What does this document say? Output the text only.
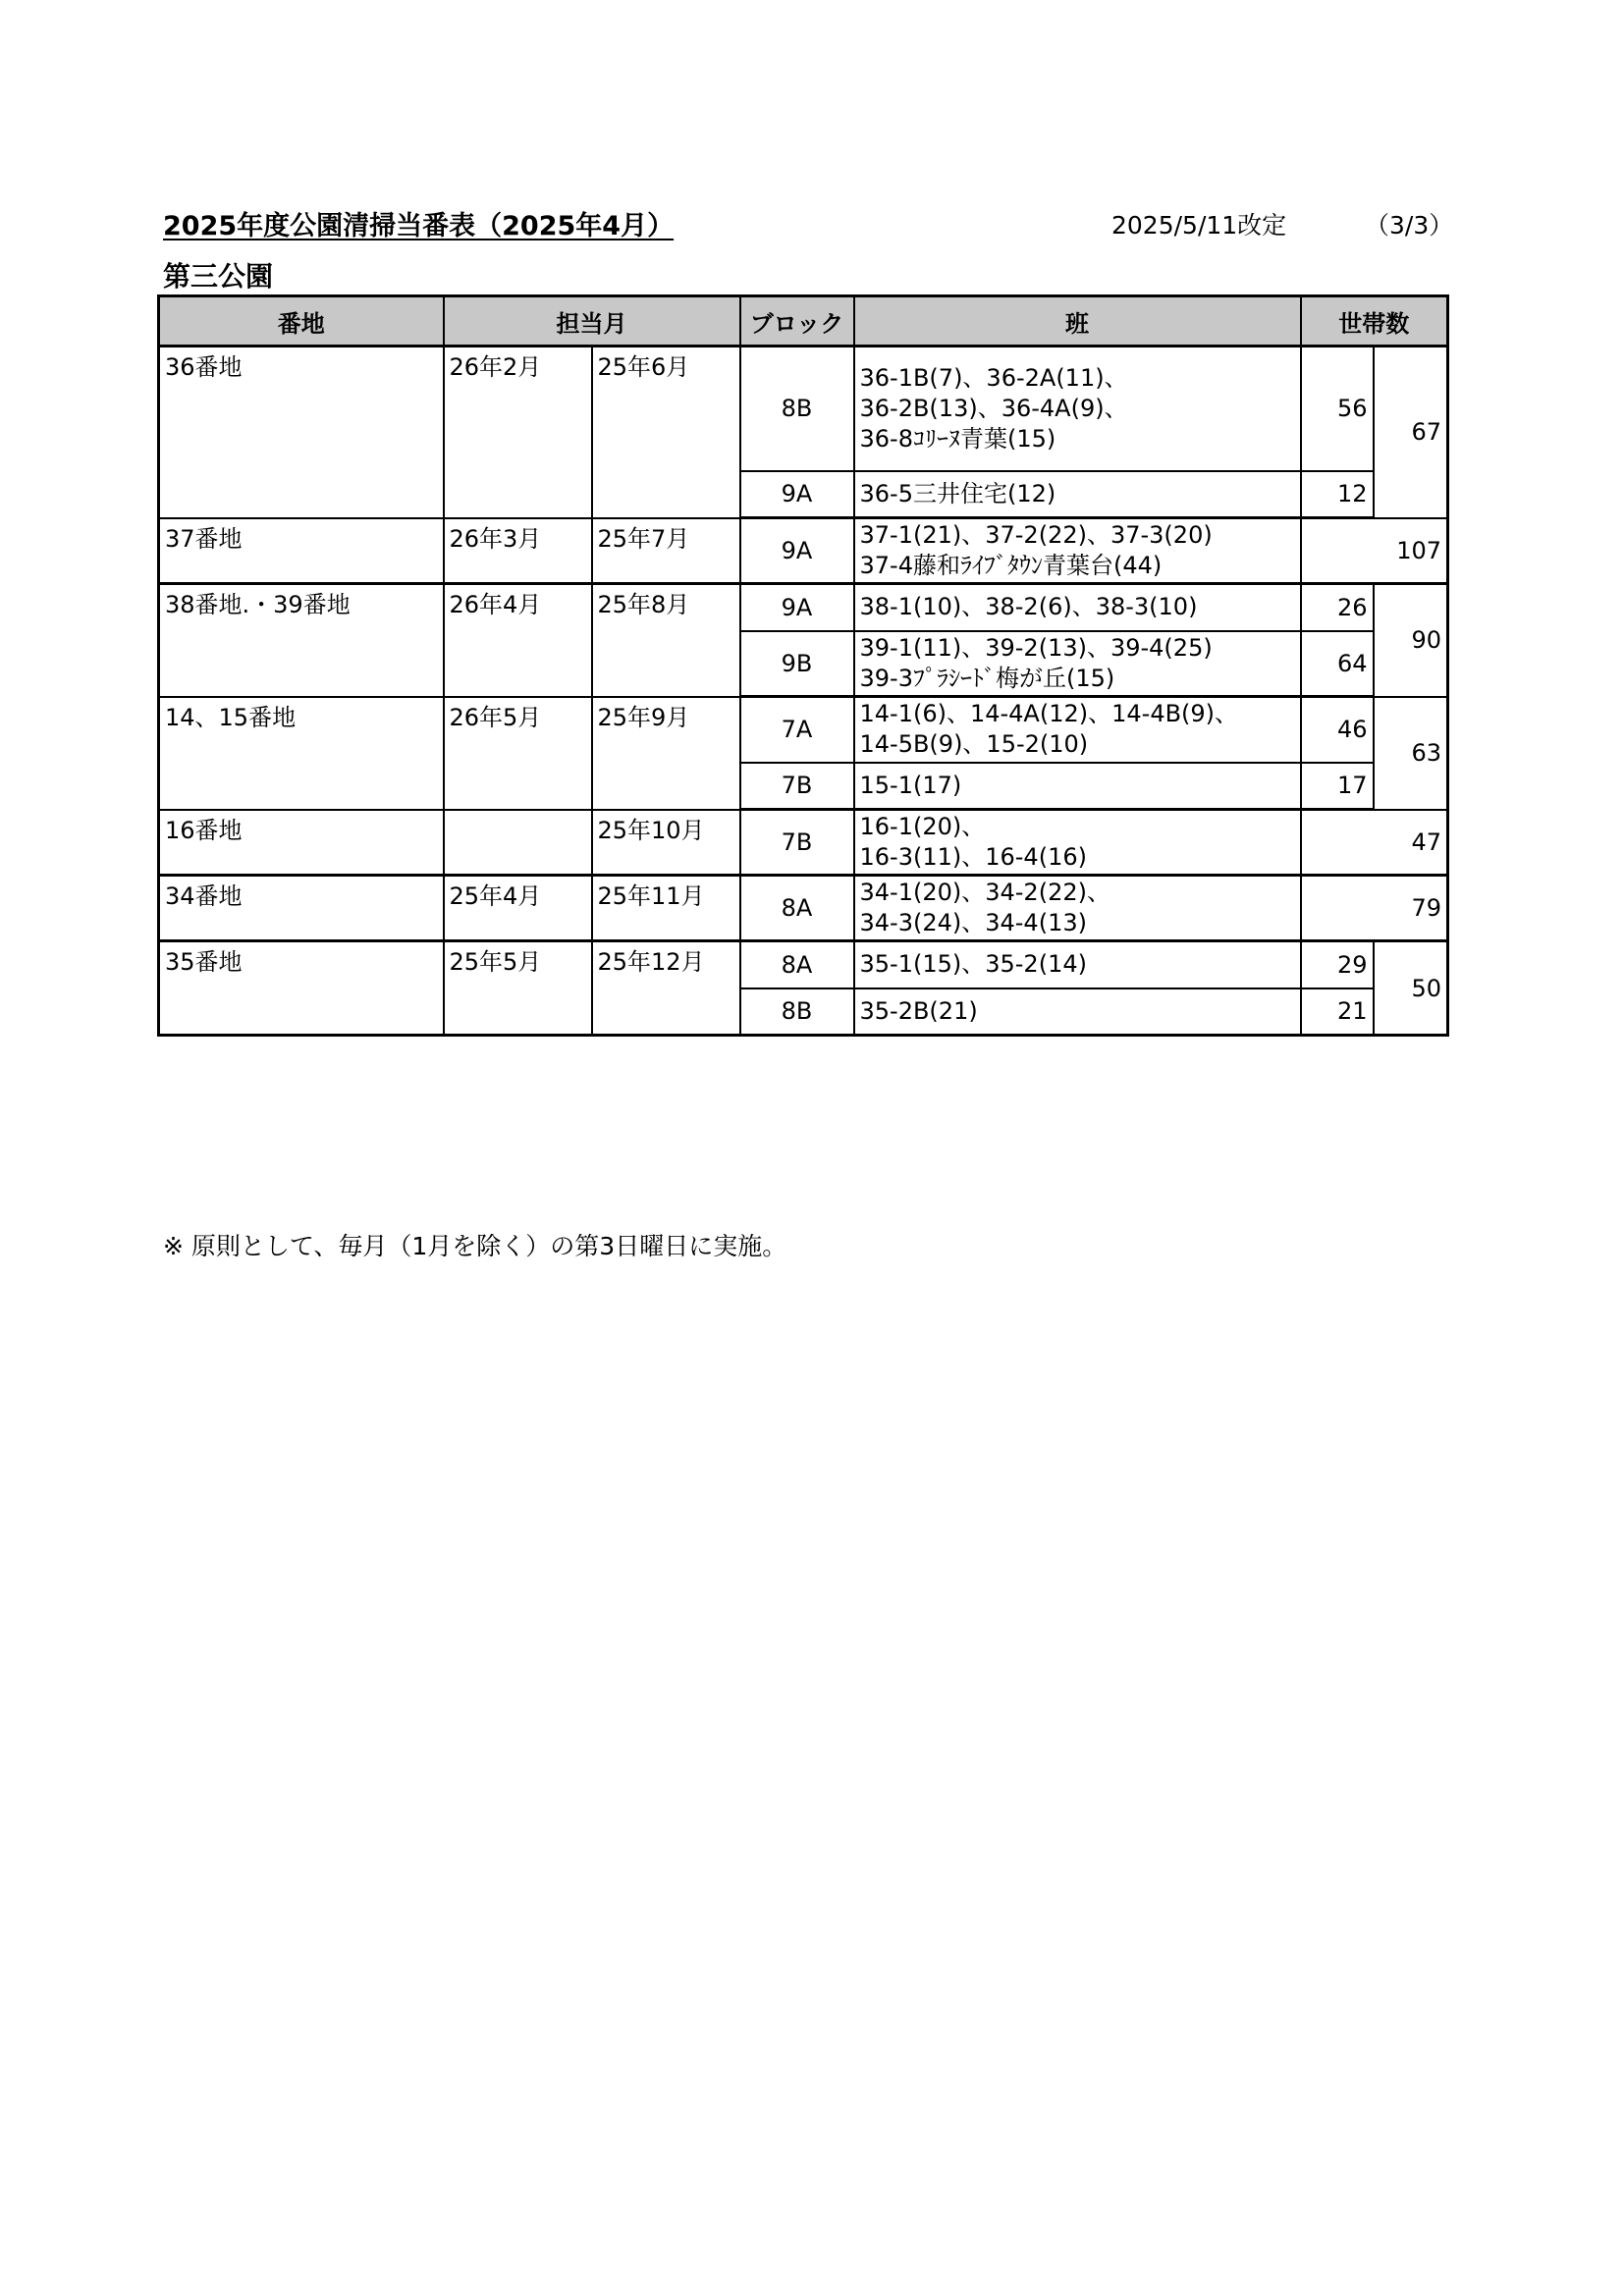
2025年度公園清掃当番表（2025年4月）	2025/5/11改定	（3/3）
第三公園
番地	担当月		ブロック	班	世帯数	
36番地	26年2月	25年6月	8B	36-1B(7)、36-2A(11)、
36-2B(13)、36-4A(9)、
36-8ｺﾘｰﾇ青葉(15)	56	67
			9A	36-5三井住宅(12)	12	
37番地	26年3月	25年7月	9A	37-1(21)、37-2(22)、37-3(20)
37-4藤和ﾗｲﾌﾞﾀｳﾝ青葉台(44)	107	
38番地.・39番地	26年4月	25年8月	9A	38-1(10)、38-2(6)、38-3(10)	26	90
			9B	39-1(11)、39-2(13)、39-4(25)
39-3ﾌﾟﾗｼｰﾄﾞ梅が丘(15)	64	
14、15番地	26年5月	25年9月	7A	14-1(6)、14-4A(12)、14-4B(9)、
14-5B(9)、15-2(10)	46	63
			7B	15-1(17)	17	
16番地		25年10月	7B	16-1(20)、
16-3(11)、16-4(16)	47	
34番地	25年4月	25年11月	8A	34-1(20)、34-2(22)、
34-3(24)、34-4(13)	79	
35番地	25年5月	25年12月	8A	35-1(15)、35-2(14)	29	50
			8B	35-2B(21)	21	
※ 原則として、毎月（1月を除く）の第3日曜日に実施。
